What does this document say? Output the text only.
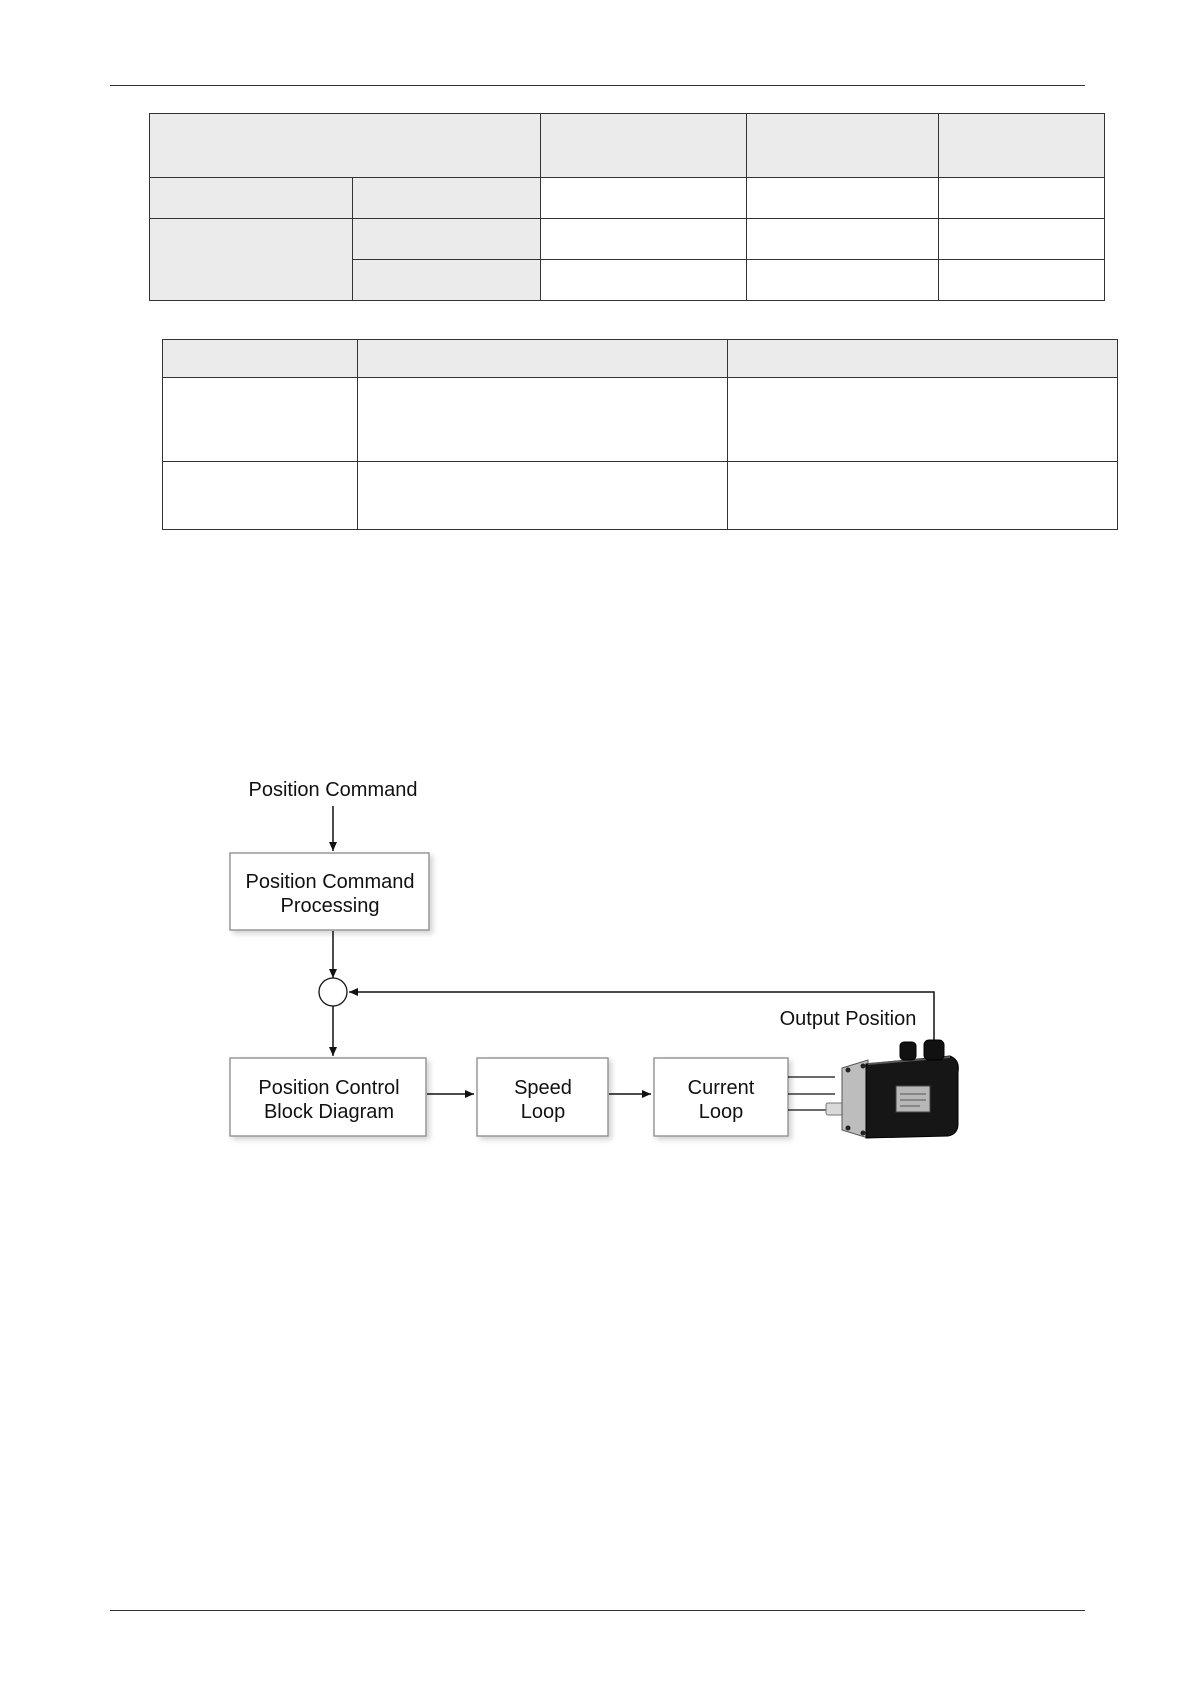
Position Command
Position Command
Processing
Output Position
Position Control
Block Diagram
Speed
Loop
Current
Loop
